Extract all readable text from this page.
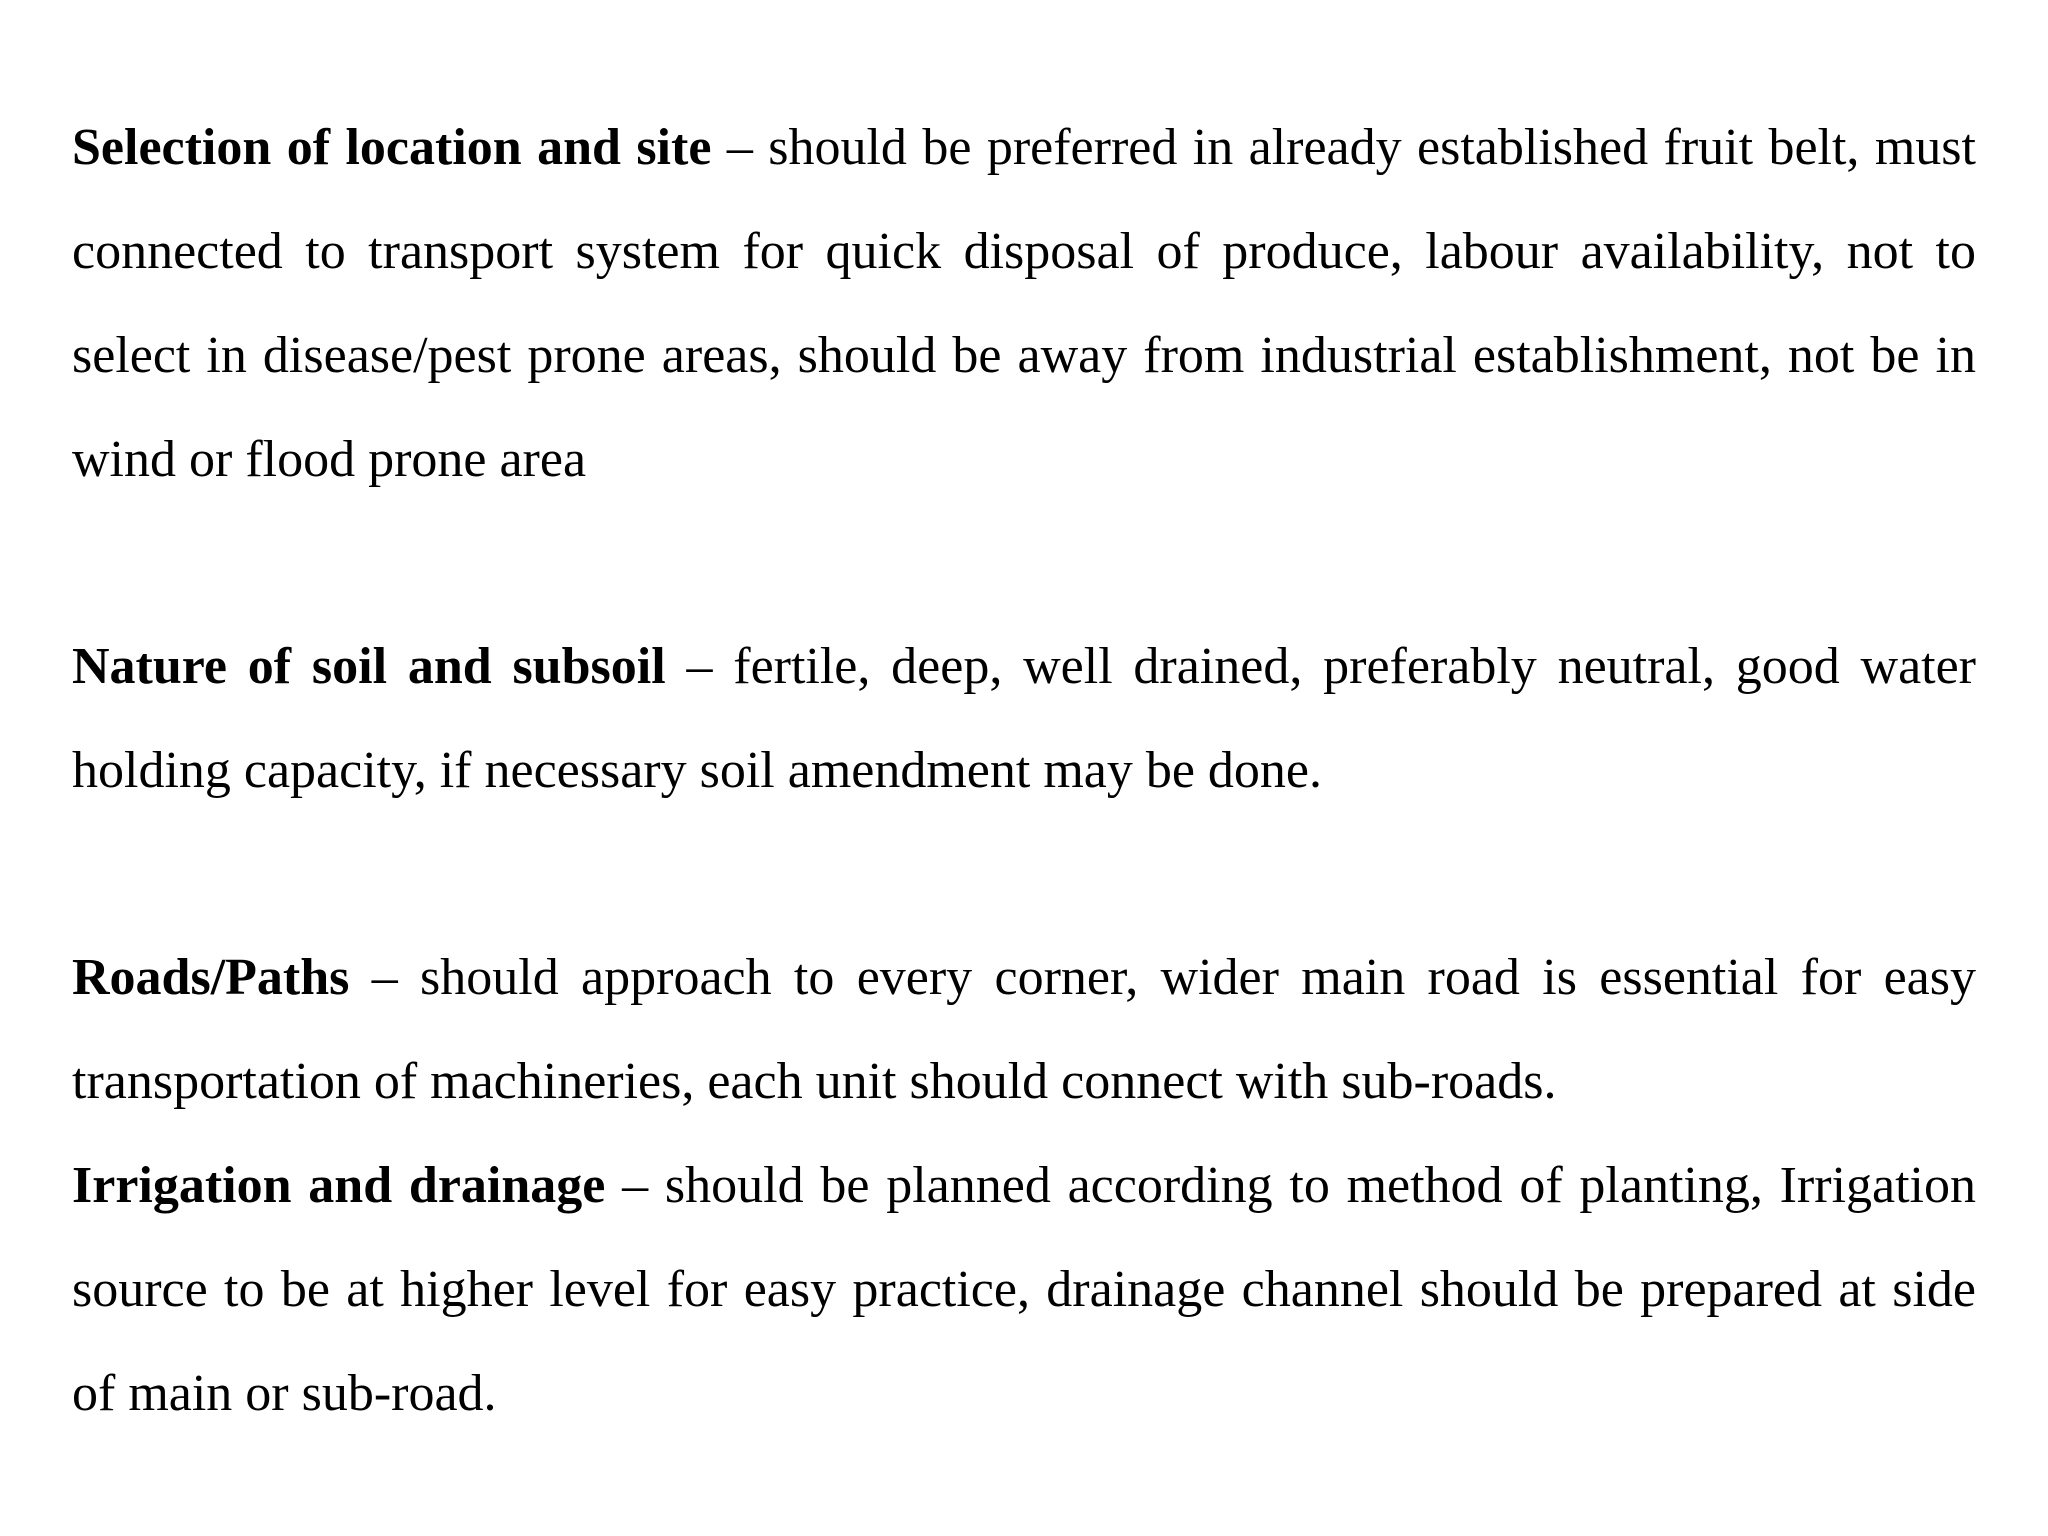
Selection of location and site – should be preferred in already established fruit belt, must connected to transport system for quick disposal of produce, labour availability, not to select in disease/pest prone areas, should be away from industrial establishment, not be in wind or flood prone area

Nature of soil and subsoil – fertile, deep, well drained, preferably neutral, good water holding capacity, if necessary soil amendment may be done.

Roads/Paths – should approach to every corner, wider main road is essential for easy transportation of machineries, each unit should connect with sub-roads.

Irrigation and drainage – should be planned according to method of planting, Irrigation source to be at higher level for easy practice, drainage channel should be prepared at side of main or sub-road.
